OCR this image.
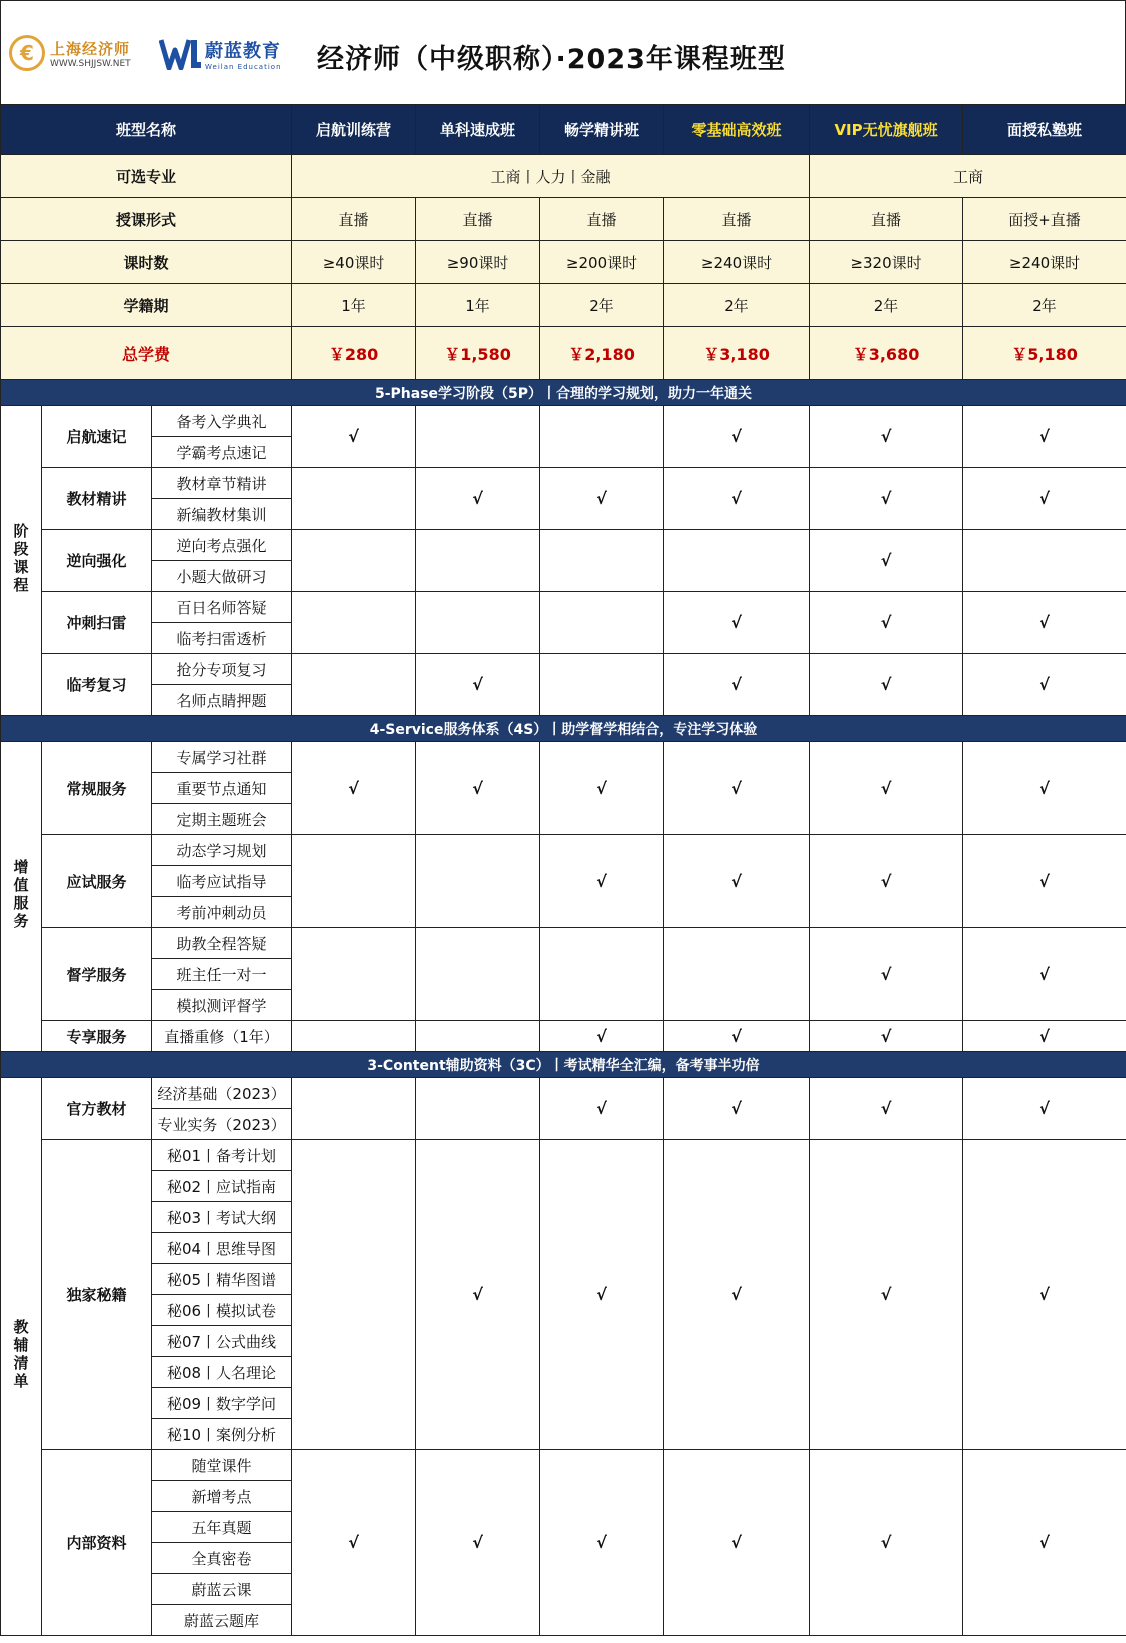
€	上海经济师
WWW.SHJJSW.NET
蔚蓝教育
Weilan Education 经济师（中级职称）·2023年课程班型
班型名称			启航训练营	单科速成班	畅学精讲班	零基础高效班	VIP无忧旗舰班	面授私塾班
可选专业			工商丨人力丨金融				工商	
授课形式			直播	直播	直播	直播	直播	面授+直播
课时数			≥40课时	≥90课时	≥200课时	≥240课时	≥320课时	≥240课时
学籍期			1年	1年	2年	2年	2年	2年
总学费			￥280	￥1,580	￥2,180	￥3,180	￥3,680	￥5,180
5-Phase学习阶段（5P）丨合理的学习规划，助力一年通关								
阶段课程	启航速记	备考入学典礼	√			√	√	√
		学霸考点速记						
	教材精讲	教材章节精讲		√	√	√	√	√
		新编教材集训						
	逆向强化	逆向考点强化					√	
		小题大做研习						
	冲刺扫雷	百日名师答疑				√	√	√
		临考扫雷透析						
	临考复习	抢分专项复习		√		√	√	√
		名师点睛押题						
4-Service服务体系（4S）丨助学督学相结合，专注学习体验								
增值服务	常规服务	专属学习社群	√	√	√	√	√	√
		重要节点通知						
		定期主题班会						
	应试服务	动态学习规划			√	√	√	√
		临考应试指导						
		考前冲刺动员						
	督学服务	助教全程答疑					√	√
		班主任一对一						
		模拟测评督学						
	专享服务	直播重修（1年）			√	√	√	√
3-Content辅助资料（3C）丨考试精华全汇编，备考事半功倍								
教辅清单	官方教材	经济基础（2023）			√	√	√	√
		专业实务（2023）						
	独家秘籍	秘01丨备考计划		√	√	√	√	√
		秘02丨应试指南						
		秘03丨考试大纲						
		秘04丨思维导图						
		秘05丨精华图谱						
		秘06丨模拟试卷						
		秘07丨公式曲线						
		秘08丨人名理论						
		秘09丨数字学问						
		秘10丨案例分析						
	内部资料	随堂课件	√	√	√	√	√	√
		新增考点						
		五年真题						
		全真密卷						
		蔚蓝云课						
		蔚蓝云题库						
